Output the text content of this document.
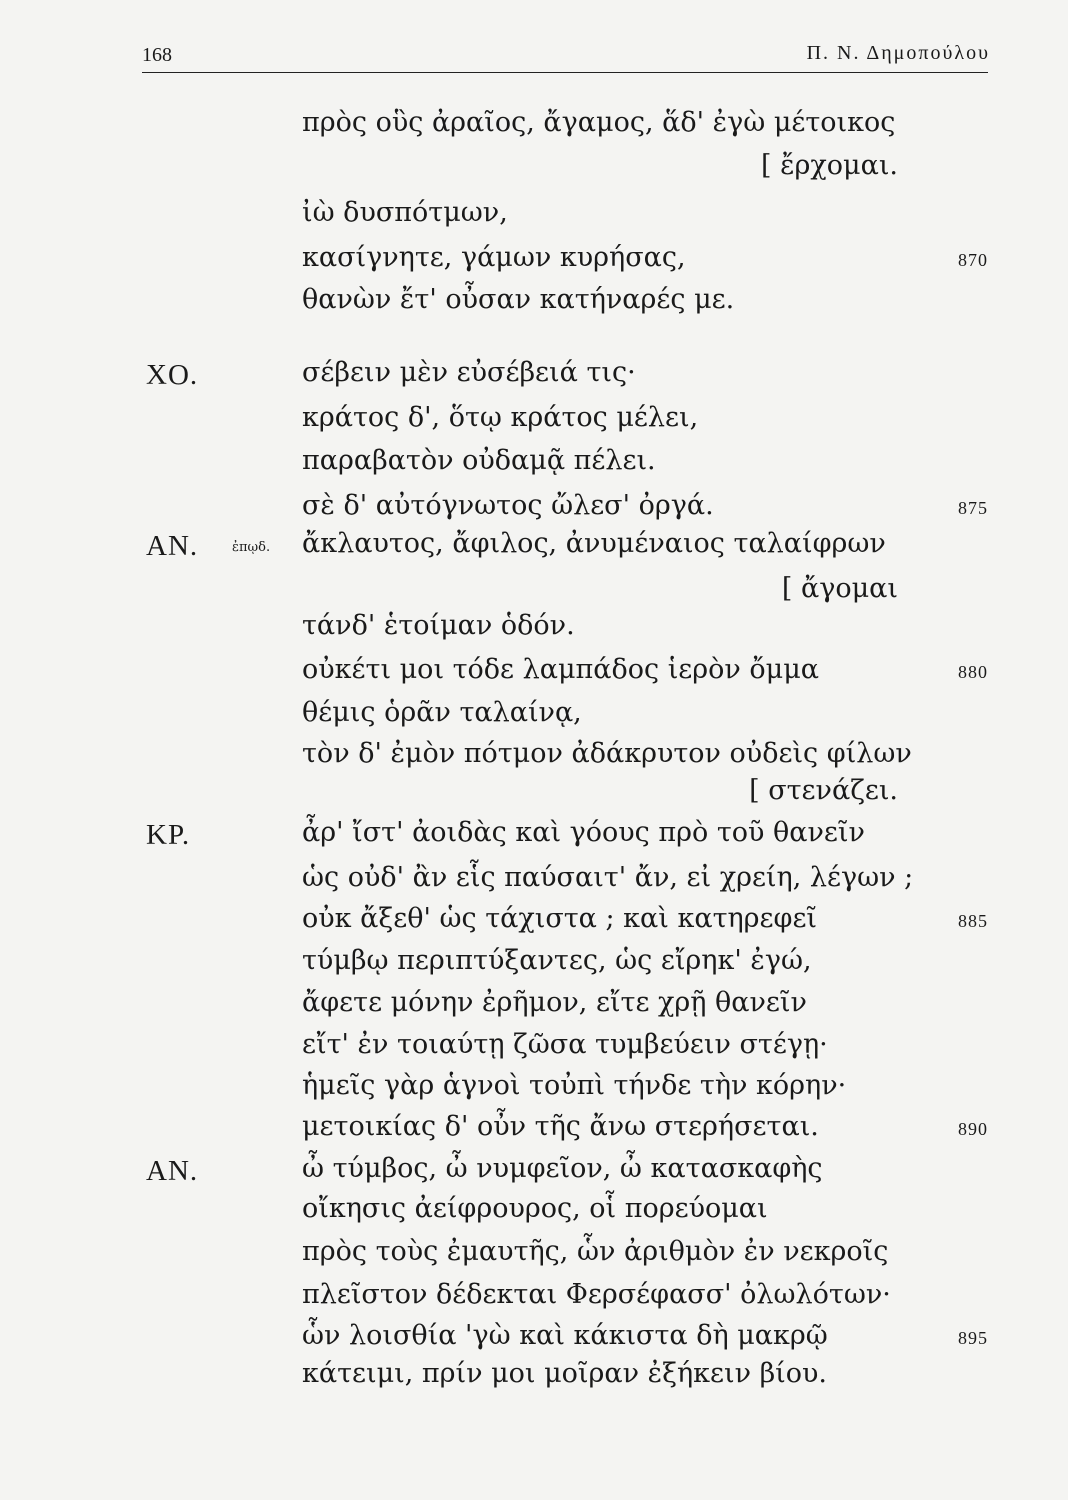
168	Π. Ν. Δημοπούλου
πρὸς οὓς ἀραῖος, ἄγαμος, ἅδ' ἐγὼ μέτοικος
[ ἔρχομαι.
ἰὼ δυσπότμων,
κασίγνητε, γάμων κυρήσας,	870
θανὼν ἔτ' οὖσαν κατήναρές με.
ΧΟ.	σέβειν μὲν εὐσέβειά τις·
κράτος δ', ὅτῳ κράτος μέλει,
παραβατὸν οὐδαμᾷ πέλει.
σὲ δ' αὐτόγνωτος ὤλεσ' ὀργά.	875
ΑΝ.	ἐπῳδ. ἄκλαυτος, ἄφιλος, ἀνυμέναιος ταλαίφρων
[ ἄγομαι
τάνδ' ἑτοίμαν ὁδόν.
οὐκέτι μοι τόδε λαμπάδος ἱερὸν ὄμμα	880
θέμις ὁρᾶν ταλαίνᾳ,
τὸν δ' ἐμὸν πότμον ἀδάκρυτον οὐδεὶς φίλων
[ στενάζει.
ΚΡ.	ἆρ' ἴστ' ἀοιδὰς καὶ γόους πρὸ τοῦ θανεῖν
ὡς οὐδ' ἂν εἷς παύσαιτ' ἄν, εἰ χρείη, λέγων ;
οὐκ ἄξεθ' ὡς τάχιστα ; καὶ κατηρεφεῖ	885
τύμβῳ περιπτύξαντες, ὡς εἴρηκ' ἐγώ,
ἄφετε μόνην ἐρῆμον, εἴτε χρῇ θανεῖν
εἴτ' ἐν τοιαύτῃ ζῶσα τυμβεύειν στέγῃ·
ἡμεῖς γὰρ ἁγνοὶ τοὐπὶ τήνδε τὴν κόρην·
μετοικίας δ' οὖν τῆς ἄνω στερήσεται.	890
ΑΝ.	ὦ τύμβος, ὦ νυμφεῖον, ὦ κατασκαφὴς
οἴκησις ἀείφρουρος, οἷ πορεύομαι
πρὸς τοὺς ἐμαυτῆς, ὧν ἀριθμὸν ἐν νεκροῖς
πλεῖστον δέδεκται Φερσέφασσ' ὀλωλότων·
ὧν λοισθία 'γὼ καὶ κάκιστα δὴ μακρῷ	895
κάτειμι, πρίν μοι μοῖραν ἐξήκειν βίου.
